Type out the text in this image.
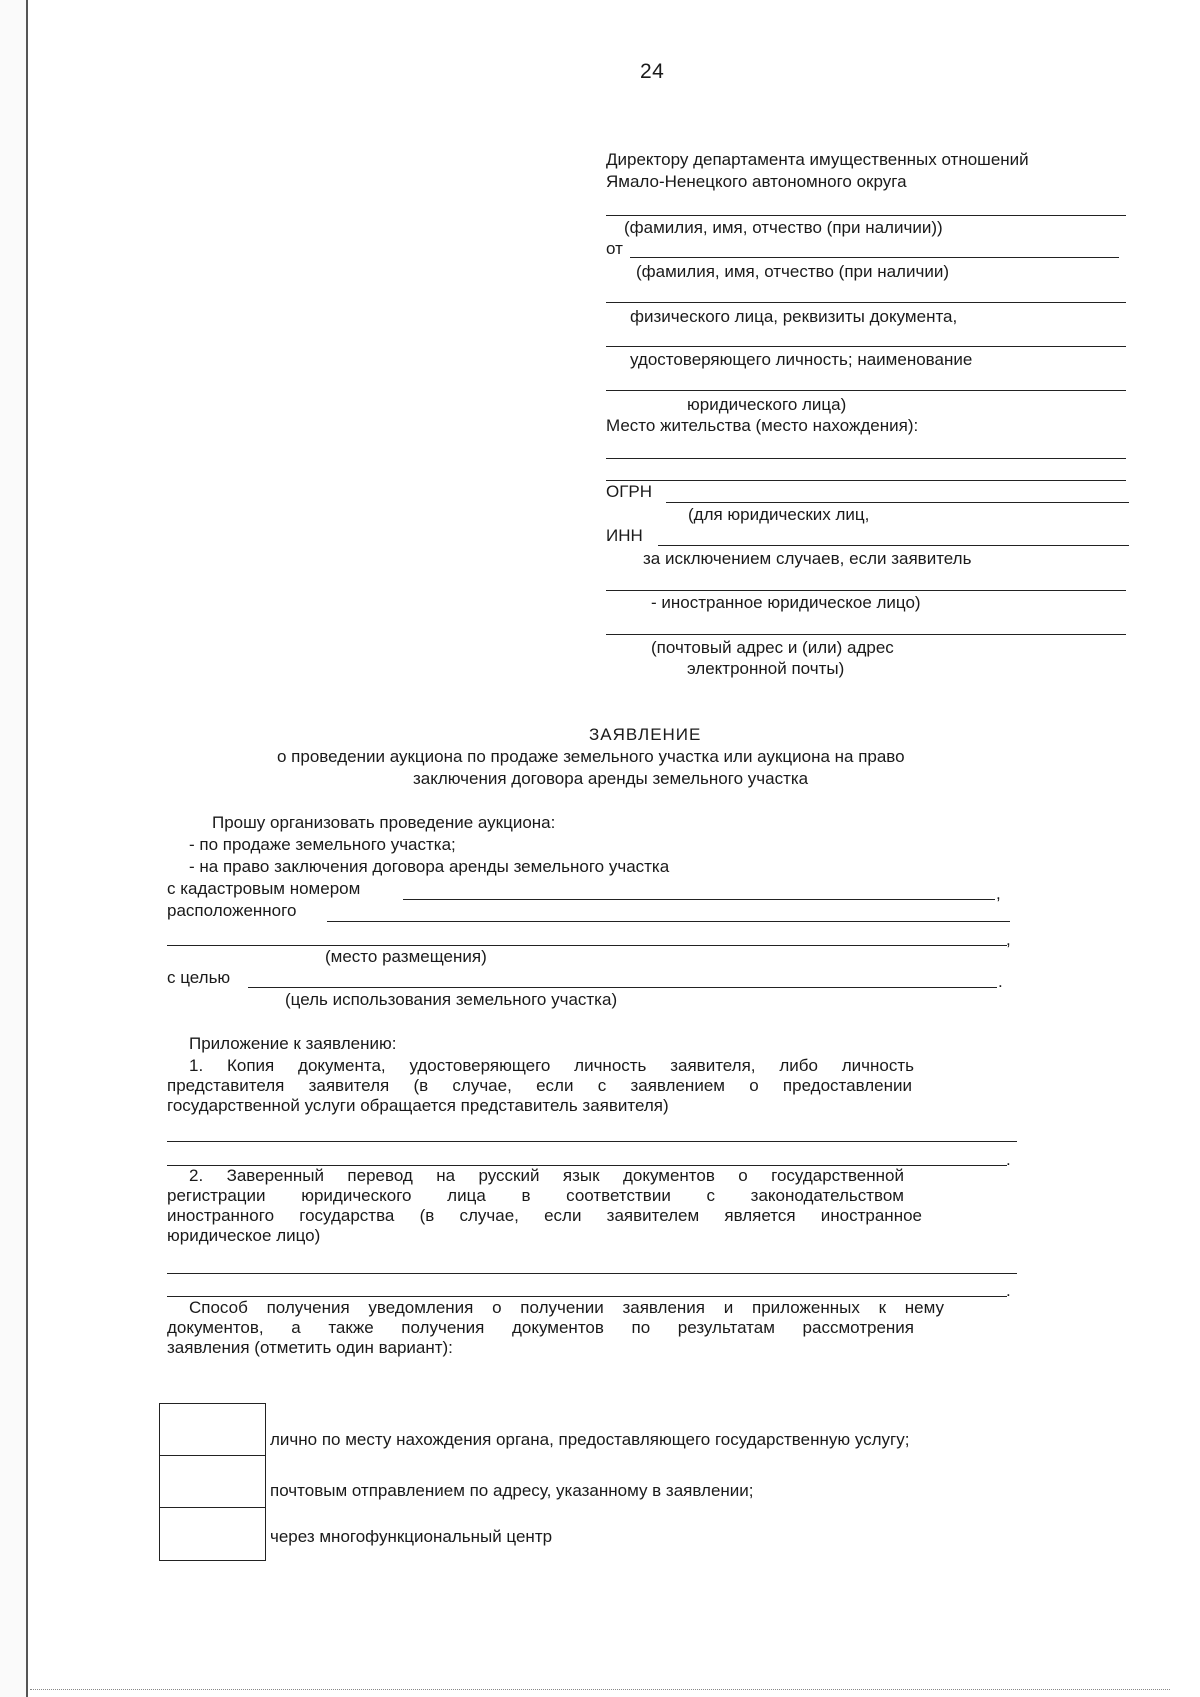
24
Директору департамента имущественных отношений
Ямало-Ненецкого автономного округа
(фамилия, имя, отчество (при наличии))
от
(фамилия, имя, отчество (при наличии)
физического лица, реквизиты документа,
удостоверяющего личность; наименование
юридического лица)
Место жительства (место нахождения):
ОГРН
(для юридических лиц,
ИНН
за исключением случаев, если заявитель
- иностранное юридическое лицо)
(почтовый адрес и (или) адрес
электронной почты)
ЗАЯВЛЕНИЕ
о проведении аукциона по продаже земельного участка или аукциона на право
заключения договора аренды земельного участка
Прошу организовать проведение аукциона:
- по продаже земельного участка;
- на право заключения договора аренды земельного участка
с кадастровым номером	,
расположенного
,
(место размещения)
с целью	.
(цель использования земельного участка)
Приложение к заявлению:
1. Копия документа, удостоверяющего личность заявителя, либо личность
представителя заявителя (в случае, если с заявлением о предоставлении
государственной услуги обращается представитель заявителя)
.
2. Заверенный перевод на русский язык документов о государственной
регистрации юридического лица в соответствии с законодательством
иностранного государства (в случае, если заявителем является иностранное
юридическое лицо)
.
Способ получения уведомления о получении заявления и приложенных к нему
документов, а также получения документов по результатам рассмотрения
заявления (отметить один вариант):
лично по месту нахождения органа, предоставляющего государственную услугу;
почтовым отправлением по адресу, указанному в заявлении;
через многофункциональный центр
